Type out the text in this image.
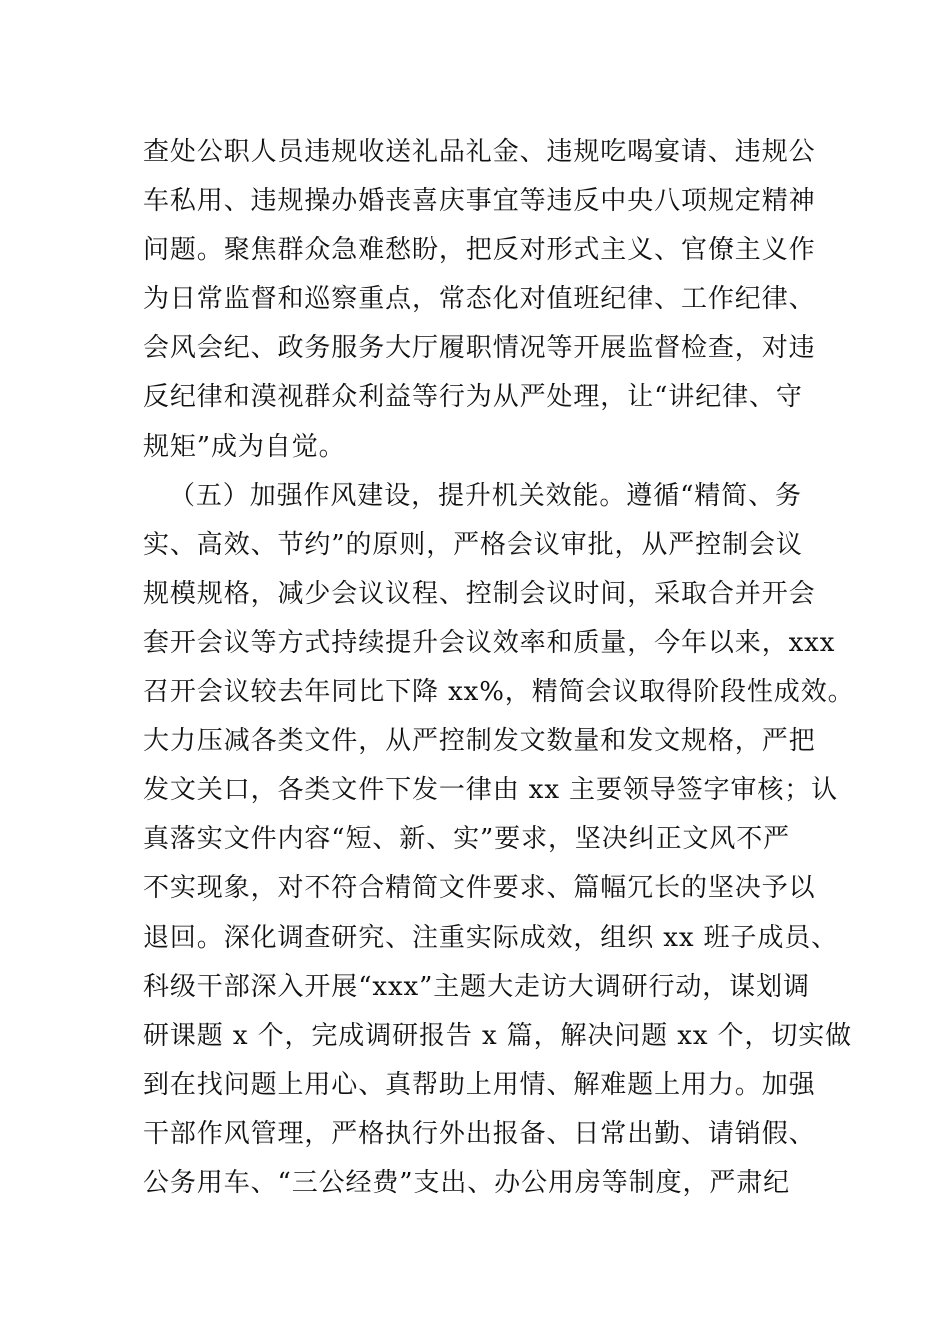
查处公职人员违规收送礼品礼金、违规吃喝宴请、违规公
车私用、违规操办婚丧喜庆事宜等违反中央八项规定精神
问题。聚焦群众急难愁盼，把反对形式主义、官僚主义作
为日常监督和巡察重点，常态化对值班纪律、工作纪律、
会风会纪、政务服务大厅履职情况等开展监督检查，对违
反纪律和漠视群众利益等行为从严处理，让“讲纪律、守
规矩”成为自觉。
（五）加强作风建设，提升机关效能。遵循“精简、务
实、高效、节约”的原则，严格会议审批，从严控制会议
规模规格，减少会议议程、控制会议时间，采取合并开会
套开会议等方式持续提升会议效率和质量，今年以来，xxx
召开会议较去年同比下降 xx%，精简会议取得阶段性成效。
大力压减各类文件，从严控制发文数量和发文规格，严把
发文关口，各类文件下发一律由 xx 主要领导签字审核；认
真落实文件内容“短、新、实”要求，坚决纠正文风不严
不实现象，对不符合精简文件要求、篇幅冗长的坚决予以
退回。深化调查研究、注重实际成效，组织 xx 班子成员、
科级干部深入开展“xxx”主题大走访大调研行动，谋划调
研课题 x 个，完成调研报告 x 篇，解决问题 xx 个，切实做
到在找问题上用心、真帮助上用情、解难题上用力。加强
干部作风管理，严格执行外出报备、日常出勤、请销假、
公务用车、“三公经费”支出、办公用房等制度，严肃纪
